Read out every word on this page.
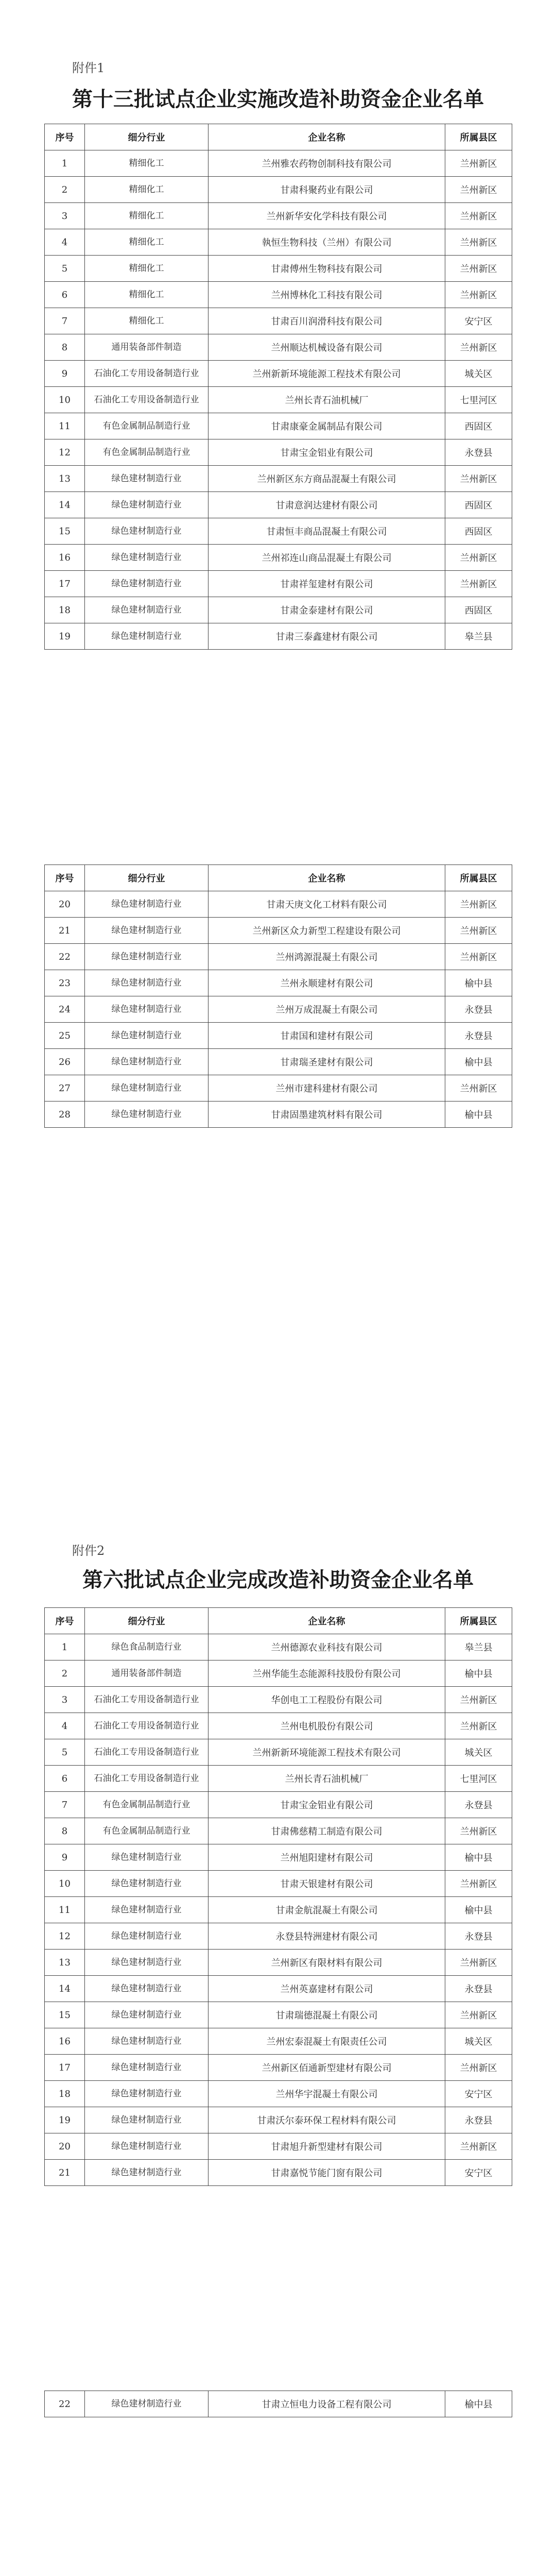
附件1
第十三批试点企业实施改造补助资金企业名单
序号	细分行业	企业名称	所属县区
1	精细化工	兰州雅农药物创制科技有限公司	兰州新区
2	精细化工	甘肃科聚药业有限公司	兰州新区
3	精细化工	兰州新华安化学科技有限公司	兰州新区
4	精细化工	執恒生物科技（兰州）有限公司	兰州新区
5	精细化工	甘肃傅州生物科技有限公司	兰州新区
6	精细化工	兰州博林化工科技有限公司	兰州新区
7	精细化工	甘肃百川润滑科技有限公司	安宁区
8	通用装备部件制造	兰州顺达机械设备有限公司	兰州新区
9	石油化工专用设备制造行业	兰州新新环境能源工程技术有限公司	城关区
10	石油化工专用设备制造行业	兰州长青石油机械厂	七里河区
11	有色金属制品制造行业	甘肃康豪金属制品有限公司	西固区
12	有色金属制品制造行业	甘肃宝金铝业有限公司	永登县
13	绿色建材制造行业	兰州新区东方商品混凝土有限公司	兰州新区
14	绿色建材制造行业	甘肃意润达建材有限公司	西固区
15	绿色建材制造行业	甘肃恒丰商品混凝土有限公司	西固区
16	绿色建材制造行业	兰州祁连山商品混凝土有限公司	兰州新区
17	绿色建材制造行业	甘肃祥玺建材有限公司	兰州新区
18	绿色建材制造行业	甘肃金泰建材有限公司	西固区
19	绿色建材制造行业	甘肃三泰鑫建材有限公司	皋兰县
序号	细分行业	企业名称	所属县区
20	绿色建材制造行业	甘肃天庚文化工材料有限公司	兰州新区
21	绿色建材制造行业	兰州新区众力新型工程建设有限公司	兰州新区
22	绿色建材制造行业	兰州鸿源混凝土有限公司	兰州新区
23	绿色建材制造行业	兰州永顺建材有限公司	榆中县
24	绿色建材制造行业	兰州万成混凝土有限公司	永登县
25	绿色建材制造行业	甘肃国和建材有限公司	永登县
26	绿色建材制造行业	甘肃瑞圣建材有限公司	榆中县
27	绿色建材制造行业	兰州市建科建材有限公司	兰州新区
28	绿色建材制造行业	甘肃固墨建筑材料有限公司	榆中县
附件2
第六批试点企业完成改造补助资金企业名单
序号	细分行业	企业名称	所属县区
1	绿色食品制造行业	兰州德源农业科技有限公司	皋兰县
2	通用装备部件制造	兰州华能生态能源科技股份有限公司	榆中县
3	石油化工专用设备制造行业	华创电工工程股份有限公司	兰州新区
4	石油化工专用设备制造行业	兰州电机股份有限公司	兰州新区
5	石油化工专用设备制造行业	兰州新新环境能源工程技术有限公司	城关区
6	石油化工专用设备制造行业	兰州长青石油机械厂	七里河区
7	有色金属制品制造行业	甘肃宝金铝业有限公司	永登县
8	有色金属制品制造行业	甘肃佛慈精工制造有限公司	兰州新区
9	绿色建材制造行业	兰州旭阳建材有限公司	榆中县
10	绿色建材制造行业	甘肃天银建材有限公司	兰州新区
11	绿色建材制造行业	甘肃金航混凝土有限公司	榆中县
12	绿色建材制造行业	永登县特洲建材有限公司	永登县
13	绿色建材制造行业	兰州新区有限材料有限公司	兰州新区
14	绿色建材制造行业	兰州英嘉建材有限公司	永登县
15	绿色建材制造行业	甘肃瑞德混凝土有限公司	兰州新区
16	绿色建材制造行业	兰州宏泰混凝土有限责任公司	城关区
17	绿色建材制造行业	兰州新区佰通新型建材有限公司	兰州新区
18	绿色建材制造行业	兰州华宇混凝土有限公司	安宁区
19	绿色建材制造行业	甘肃沃尔泰环保工程材料有限公司	永登县
20	绿色建材制造行业	甘肃旭升新型建材有限公司	兰州新区
21	绿色建材制造行业	甘肃嘉悦节能门窗有限公司	安宁区
22	绿色建材制造行业	甘肃立恒电力设备工程有限公司	榆中县
